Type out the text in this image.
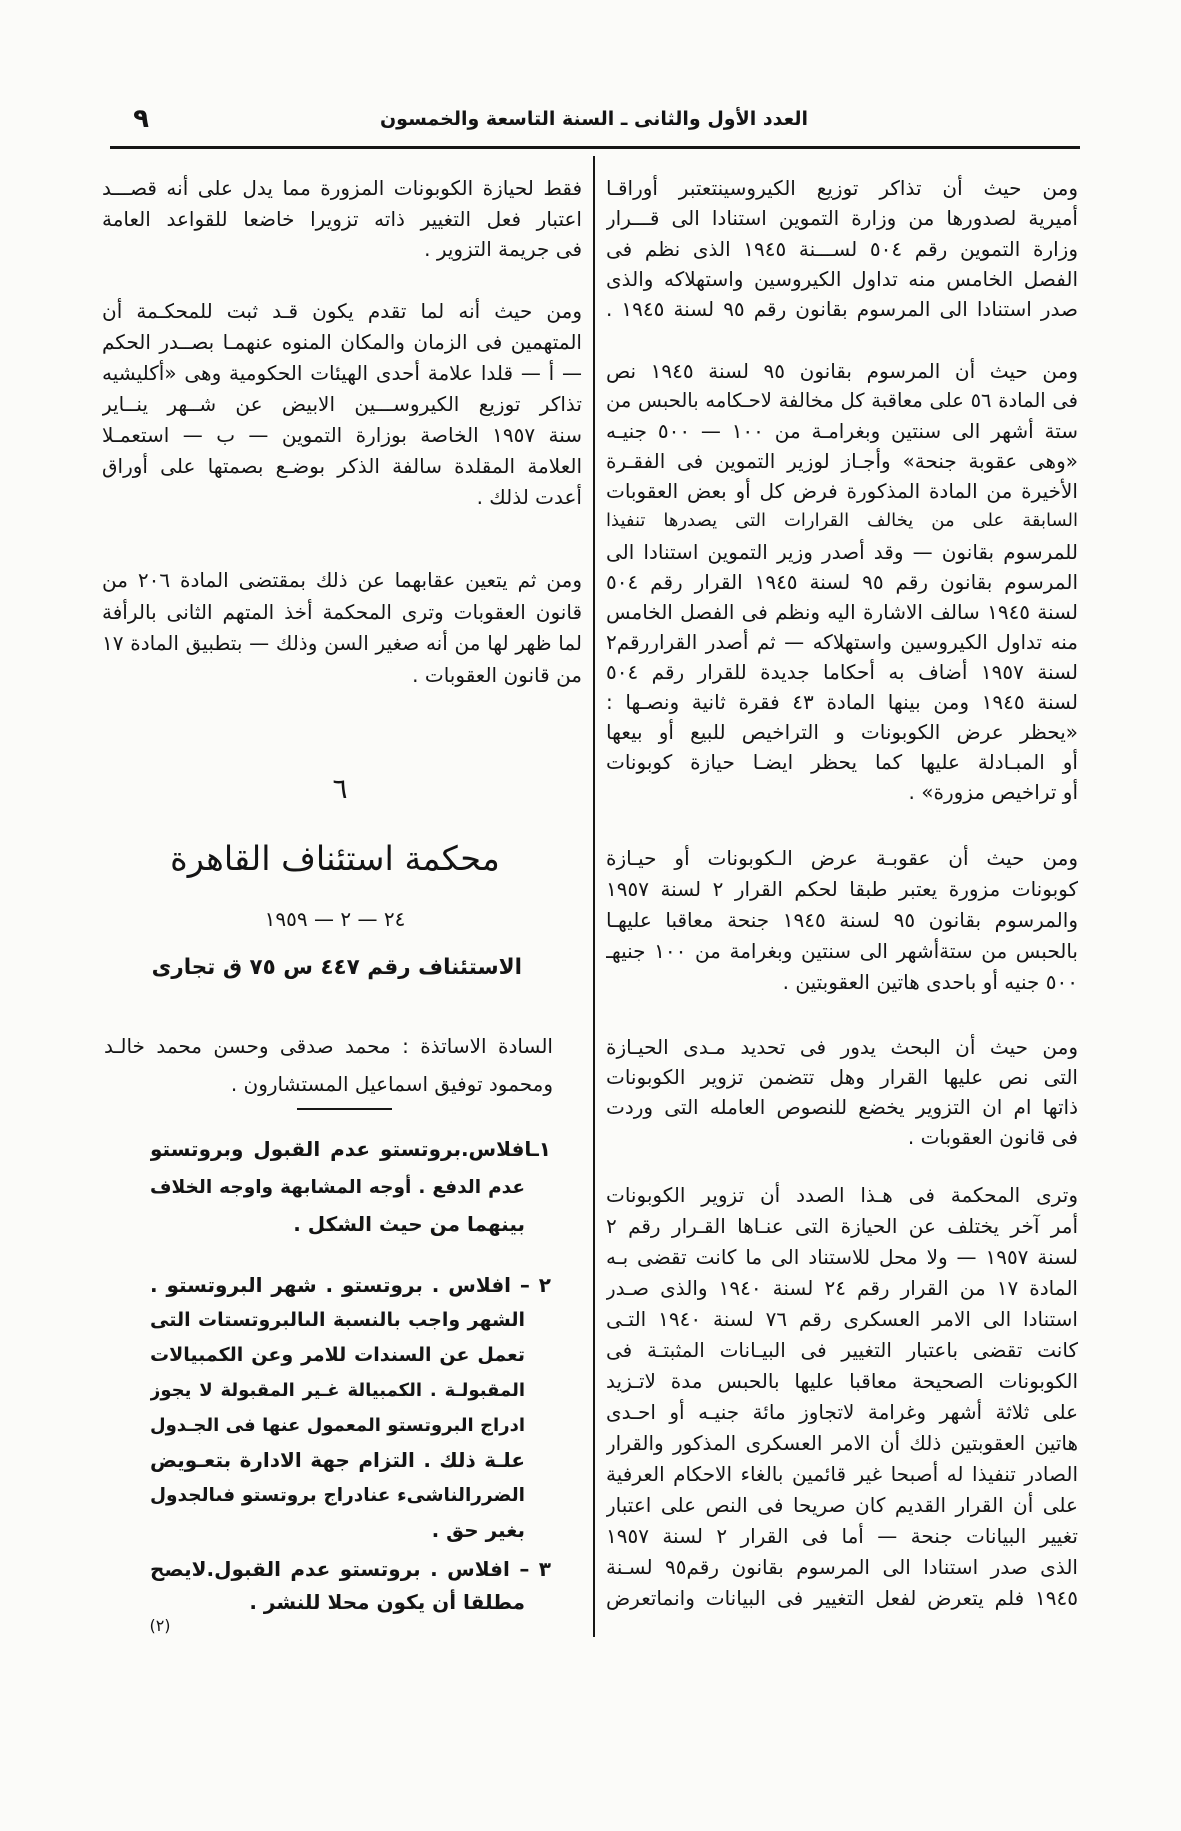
العدد الأول والثانى ـ السنة التاسعة والخمسون
٩
ومن حيث أن تذاكر توزيع الكيروسينتعتبر أوراقـا
أميرية لصدورها من وزارة التموين استنادا الى قـــرار
وزارة التموين رقم ٥٠٤ لســـنة ١٩٤٥ الذى نظم فى
الفصل الخامس منه تداول الكيروسين واستهلاكه والذى
صدر استنادا الى المرسوم بقانون رقم ٩٥ لسنة ١٩٤٥ .
ومن حيث أن المرسوم بقانون ٩٥ لسنة ١٩٤٥ نص
فى المادة ٥٦ على معاقبة كل مخالفة لاحـكامه بالحبس من
ستة أشهر الى سنتين وبغرامـة من ١٠٠ — ٥٠٠ جنيـه
«وهى عقوبة جنحة» وأجـاز لوزير التموين فى الفقـرة
الأخيرة من المادة المذكورة فرض كل أو بعض العقوبات
السابقة على من يخالف القرارات التى يصدرها تنفيذا
للمرسوم بقانون — وقد أصدر وزير التموين استنادا الى
المرسوم بقانون رقم ٩٥ لسنة ١٩٤٥ القرار رقم ٥٠٤
لسنة ١٩٤٥ سالف الاشارة اليه ونظم فى الفصل الخامس
منه تداول الكيروسين واستهلاكه — ثم أصدر القراررقم٢
لسنة ١٩٥٧ أضاف به أحكاما جديدة للقرار رقم ٥٠٤
لسنة ١٩٤٥ ومن بينها المادة ٤٣ فقرة ثانية ونصـها :
«يحظر عرض الكوبونات و التراخيص للبيع أو بيعها
أو المبـادلة عليها كما يحظر ايضـا حيازة كوبونات
أو تراخيص مزورة» .
ومن حيث أن عقوبـة عرض الـكوبونات أو حيـازة
كوبونات مزورة يعتبر طبقا لحكم القرار ٢ لسنة ١٩٥٧
والمرسوم بقانون ٩٥ لسنة ١٩٤٥ جنحة معاقبا عليهـا
بالحبس من ستةأشهر الى سنتين وبغرامة من ١٠٠ جنيهـ
٥٠٠ جنيه أو باحدى هاتين العقوبتين .
ومن حيث أن البحث يدور فى تحديد مـدى الحيـازة
التى نص عليها القرار وهل تتضمن تزوير الكوبونات
ذاتها ام ان التزوير يخضع للنصوص العامله التى وردت
فى قانون العقوبات .
وترى المحكمة فى هـذا الصدد أن تزوير الكوبونات
أمر آخر يختلف عن الحيازة التى عنـاها القـرار رقم ٢
لسنة ١٩٥٧ — ولا محل للاستناد الى ما كانت تقضى بـه
المادة ١٧ من القرار رقم ٢٤ لسنة ١٩٤٠ والذى صـدر
استنادا الى الامر العسكرى رقم ٧٦ لسنة ١٩٤٠ التـى
كانت تقضى باعتبار التغيير فى البيـانات المثبتـة فى
الكوبونات الصحيحة معاقبا عليها بالحبس مدة لاتـزيد
على ثلاثة أشهر وغرامة لاتجاوز مائة جنيـه أو احـدى
هاتين العقوبتين ذلك أن الامر العسكرى المذكور والقرار
الصادر تنفيذا له أصبحا غير قائمين بالغاء الاحكام العرفية
على أن القرار القديم كان صريحا فى النص على اعتبار
تغيير البيانات جنحة — أما فى القرار ٢ لسنة ١٩٥٧
الذى صدر استنادا الى المرسوم بقانون رقم٩٥ لسـنة
١٩٤٥ فلم يتعرض لفعل التغيير فى البيانات وانماتعرض
فقط لحيازة الكوبونات المزورة مما يدل على أنه قصـــد
اعتبار فعل التغيير ذاته تزويرا خاضعا للقواعد العامة
فى جريمة التزوير .
ومن حيث أنه لما تقدم يكون قـد ثبت للمحكـمة أن
المتهمين فى الزمان والمكان المنوه عنهمـا بصــدر الحكم
— أ — قلدا علامة أحدى الهيئات الحكومية وهى «أكليشيه
تذاكر توزيع الكيروســـين الابيض عن شــهر ينــاير
سنة ١٩٥٧ الخاصة بوزارة التموين — ب — استعمـلا
العلامة المقلدة سالفة الذكر بوضـع بصمتها على أوراق
أعدت لذلك .
ومن ثم يتعين عقابهما عن ذلك بمقتضى المادة ٢٠٦ من
قانون العقوبات وترى المحكمة أخذ المتهم الثانى بالرأفة
لما ظهر لها من أنه صغير السن وذلك — بتطبيق المادة ١٧
من قانون العقوبات .
٦
محكمة استئناف القاهرة
٢٤ — ٢ — ١٩٥٩
الاستئناف رقم ٤٤٧ س ٧٥ ق تجارى
السادة الاساتذة : محمد صدقى وحسن محمد خالـد
ومحمود توفيق اسماعيل المستشارون .
١ـافلاس.بروتستو عدم القبول وبروتستو
عدم الدفع . أوجه المشابهة واوجه الخلاف
بينهما من حيث الشكل .
٢ – افلاس . بروتستو . شهر البروتستو .
الشهر واجب بالنسبة الىالبروتستات التى
تعمل عن السندات للامر وعن الكمبيالات
المقبولـة . الكمبيالة غـير المقبولة لا يجوز
ادراج البروتستو المعمول عنها فى الجـدول
علـة ذلك . التزام جهة الادارة بتعـويض
الضررالناشىء عنادراج بروتستو فىالجدول
بغير حق .
٣ – افلاس . بروتستو عدم القبول.لايصح
مطلقا أن يكون محلا للنشر .
(٢)
